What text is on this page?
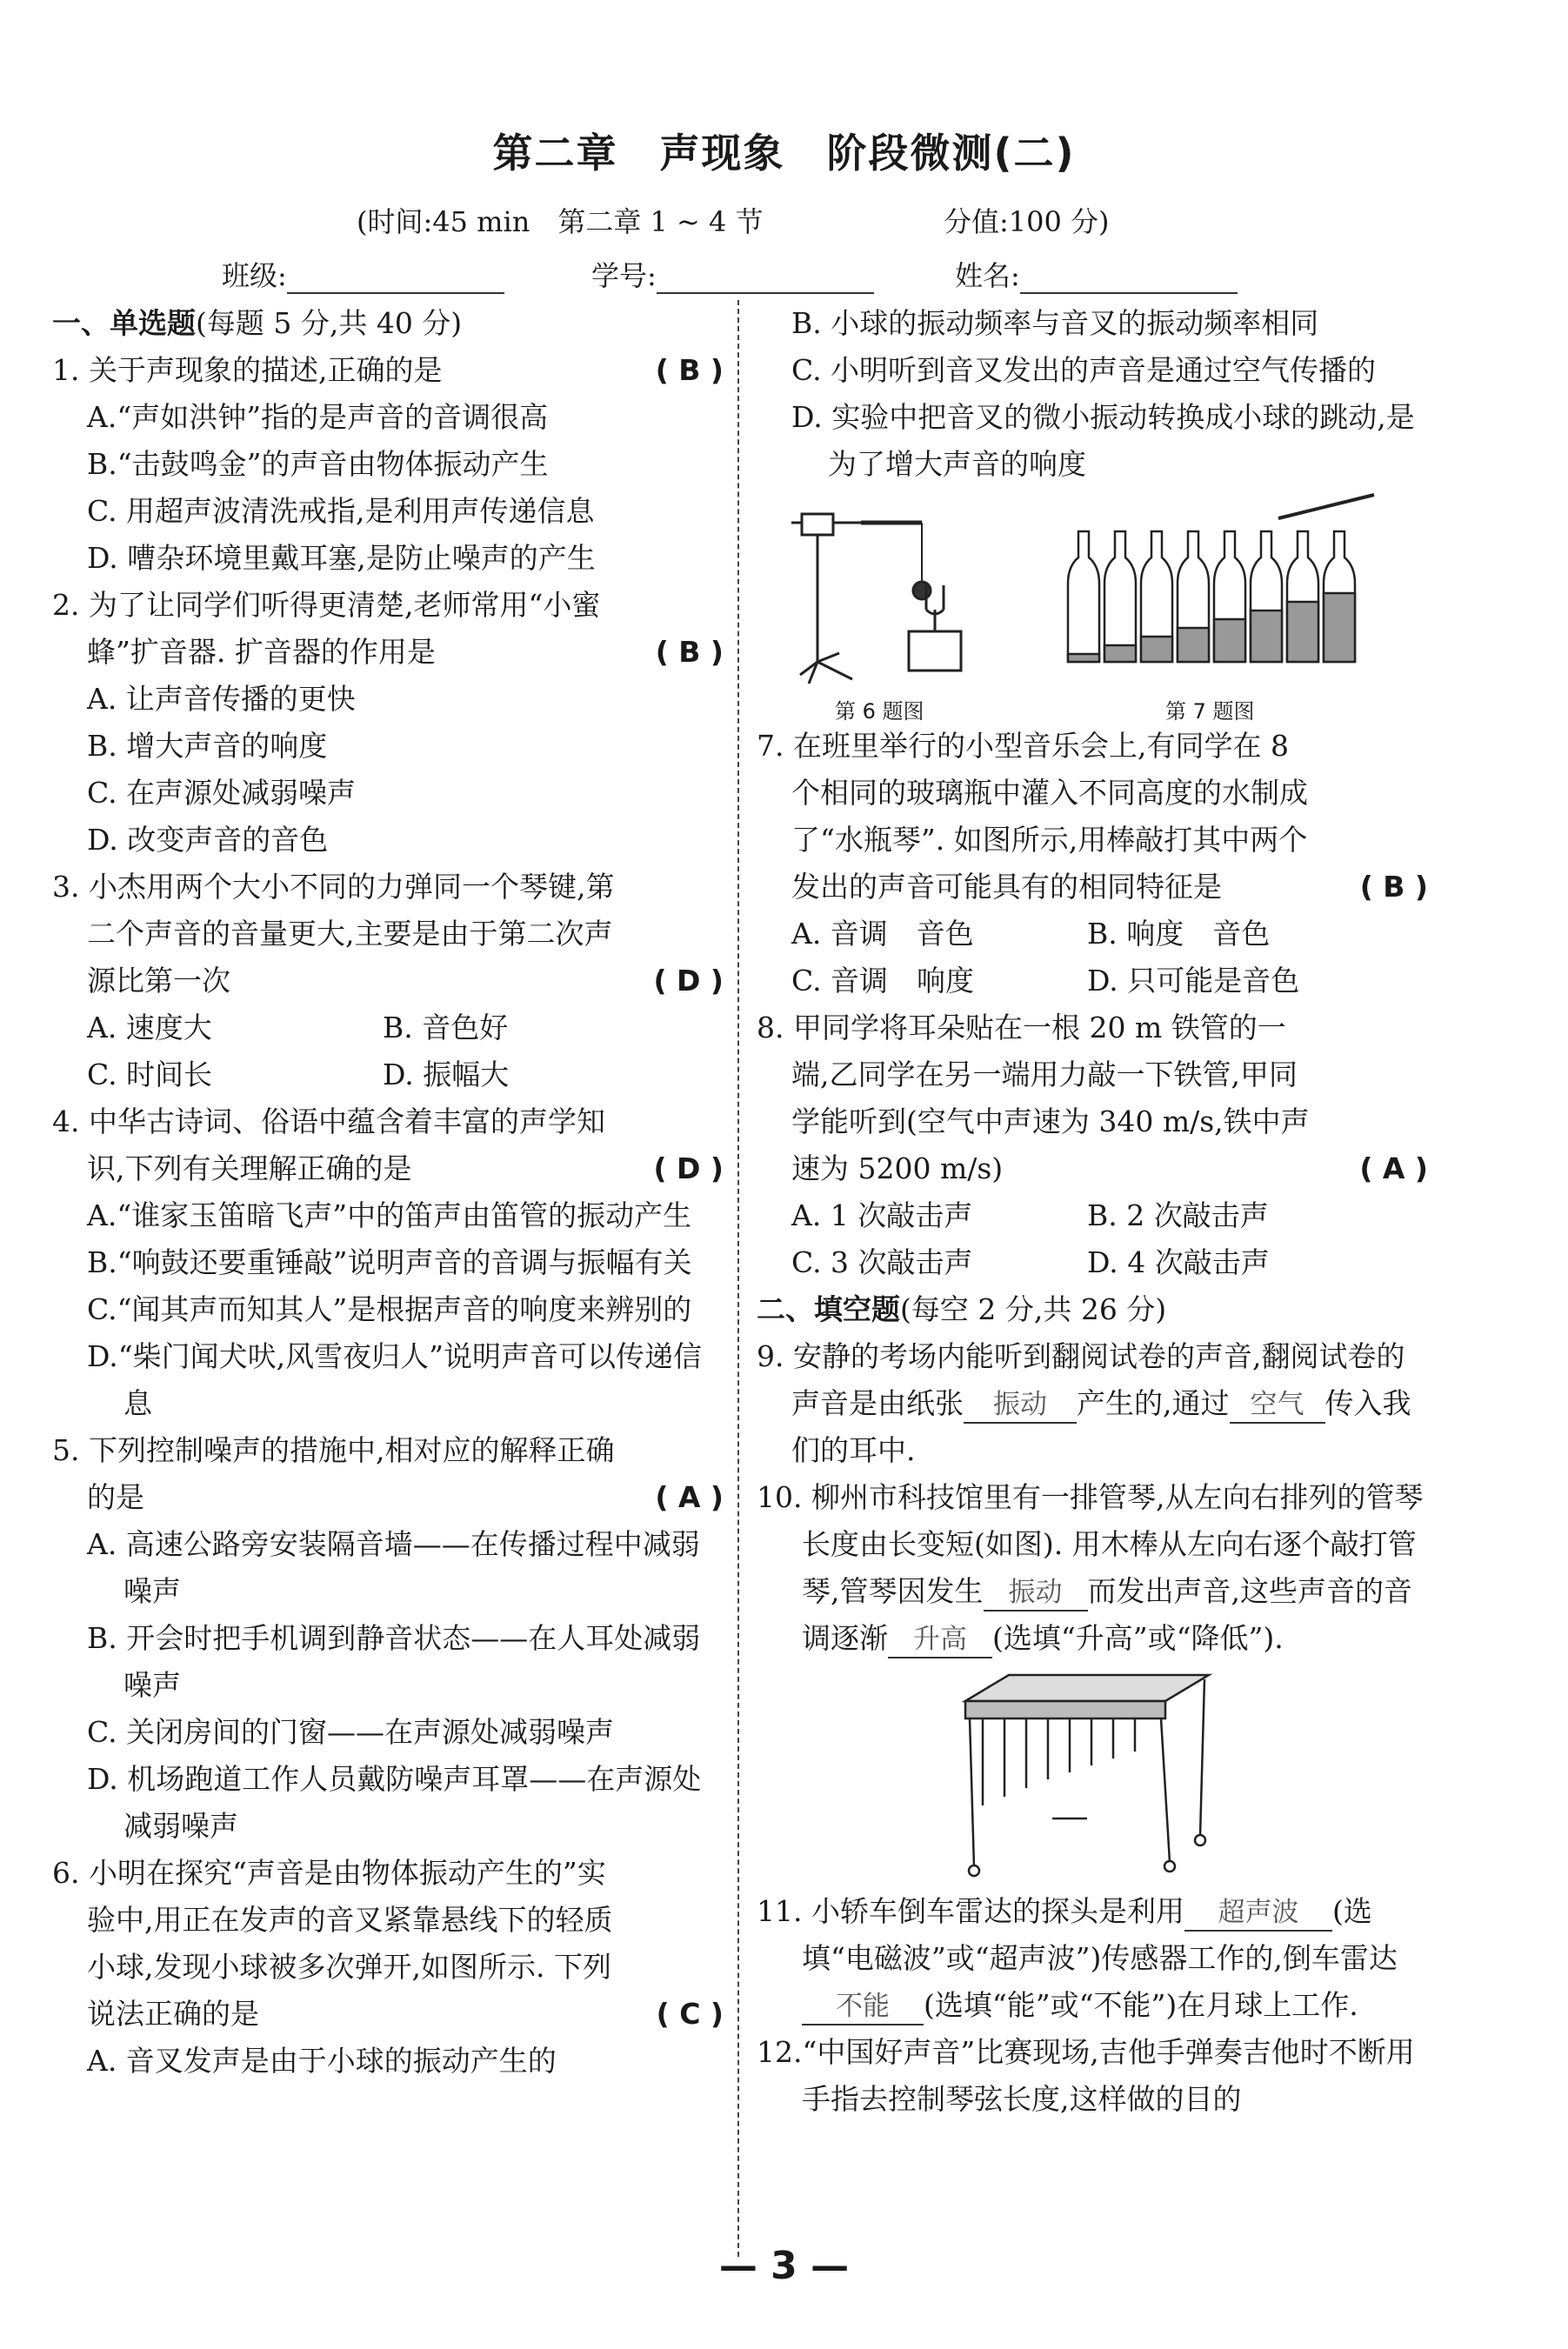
第二章　声现象　阶段微测(二)
(时间:45 min　第二章 1 ~ 4 节	分值:100 分)
班级:	学号:	姓名:
一、单选题(每题 5 分,共 40 分)
1. 关于声现象的描述,正确的是	( B )
A.“声如洪钟”指的是声音的音调很高
B.“击鼓鸣金”的声音由物体振动产生
C. 用超声波清洗戒指,是利用声传递信息
D. 嘈杂环境里戴耳塞,是防止噪声的产生
2. 为了让同学们听得更清楚,老师常用“小蜜蜂”扩音器. 扩音器的作用是	( B )
A. 让声音传播的更快
B. 增大声音的响度
C. 在声源处减弱噪声
D. 改变声音的音色
3. 小杰用两个大小不同的力弹同一个琴键,第二个声音的音量更大,主要是由于第二次声源比第一次	( D )
A. 速度大	B. 音色好
C. 时间长	D. 振幅大
4. 中华古诗词、俗语中蕴含着丰富的声学知识,下列有关理解正确的是	( D )
A.“谁家玉笛暗飞声”中的笛声由笛管的振动产生
B.“响鼓还要重锤敲”说明声音的音调与振幅有关
C.“闻其声而知其人”是根据声音的响度来辨别的
D.“柴门闻犬吠,风雪夜归人”说明声音可以传递信息
5. 下列控制噪声的措施中,相对应的解释正确的是	( A )
A. 高速公路旁安装隔音墙——在传播过程中减弱噪声
B. 开会时把手机调到静音状态——在人耳处减弱噪声
C. 关闭房间的门窗——在声源处减弱噪声
D. 机场跑道工作人员戴防噪声耳罩——在声源处减弱噪声
6. 小明在探究“声音是由物体振动产生的”实验中,用正在发声的音叉紧靠悬线下的轻质小球,发现小球被多次弹开,如图所示. 下列说法正确的是	( C )
A. 音叉发声是由于小球的振动产生的
B. 小球的振动频率与音叉的振动频率相同
C. 小明听到音叉发出的声音是通过空气传播的
D. 实验中把音叉的微小振动转换成小球的跳动,是为了增大声音的响度
第 6 题图	第 7 题图
7. 在班里举行的小型音乐会上,有同学在 8 个相同的玻璃瓶中灌入不同高度的水制成了“水瓶琴”. 如图所示,用棒敲打其中两个发出的声音可能具有的相同特征是	( B )
A. 音调　音色	B. 响度　音色
C. 音调　响度	D. 只可能是音色
8. 甲同学将耳朵贴在一根 20 m 铁管的一端,乙同学在另一端用力敲一下铁管,甲同学能听到(空气中声速为 340 m/s,铁中声速为 5200 m/s)	( A )
A. 1 次敲击声	B. 2 次敲击声
C. 3 次敲击声	D. 4 次敲击声
二、填空题(每空 2 分,共 26 分)
9. 安静的考场内能听到翻阅试卷的声音,翻阅试卷的声音是由纸张 振动 产生的,通过 空气 传入我们的耳中.
10. 柳州市科技馆里有一排管琴,从左向右排列的管琴长度由长变短(如图). 用木棒从左向右逐个敲打管琴,管琴因发生 振动 而发出声音,这些声音的音调逐渐 升高 (选填“升高”或“降低”).
11. 小轿车倒车雷达的探头是利用 超声波 (选填“电磁波”或“超声波”)传感器工作的,倒车雷达不能 (选填“能”或“不能”)在月球上工作.
12.“中国好声音”比赛现场,吉他手弹奏吉他时不断用手指去控制琴弦长度,这样做的目的
— 3 —
